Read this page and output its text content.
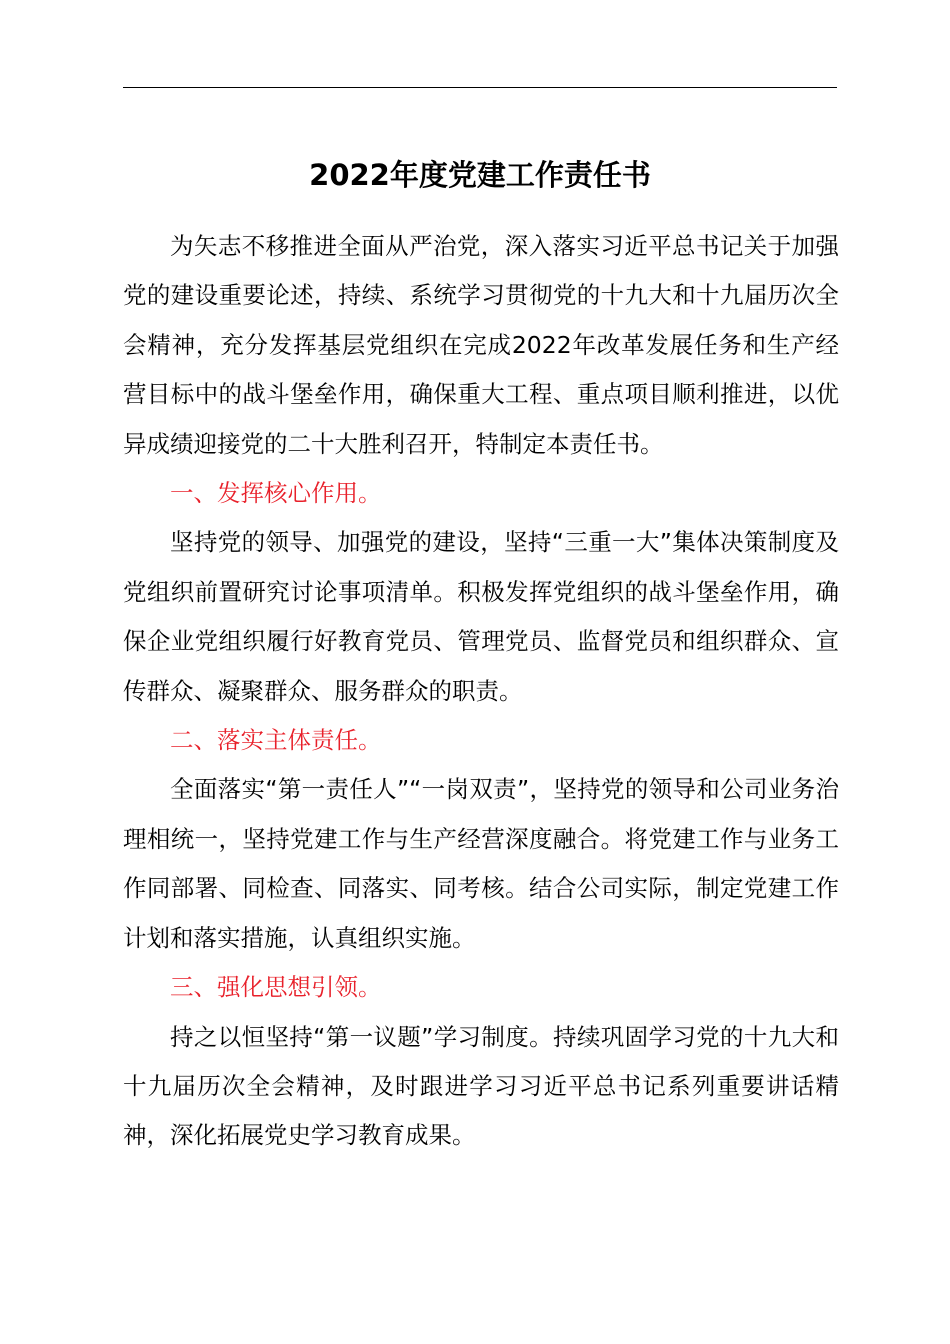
2022年度党建工作责任书

为矢志不移推进全面从严治党，深入落实习近平总书记关于加强党的建设重要论述，持续、系统学习贯彻党的十九大和十九届历次全会精神，充分发挥基层党组织在完成2022年改革发展任务和生产经营目标中的战斗堡垒作用，确保重大工程、重点项目顺利推进，以优异成绩迎接党的二十大胜利召开，特制定本责任书。

一、发挥核心作用。

坚持党的领导、加强党的建设，坚持“三重一大”集体决策制度及党组织前置研究讨论事项清单。积极发挥党组织的战斗堡垒作用，确保企业党组织履行好教育党员、管理党员、监督党员和组织群众、宣传群众、凝聚群众、服务群众的职责。

二、落实主体责任。

全面落实“第一责任人”“一岗双责”，坚持党的领导和公司业务治理相统一，坚持党建工作与生产经营深度融合。将党建工作与业务工作同部署、同检查、同落实、同考核。结合公司实际，制定党建工作计划和落实措施，认真组织实施。

三、强化思想引领。

持之以恒坚持“第一议题”学习制度。持续巩固学习党的十九大和十九届历次全会精神，及时跟进学习习近平总书记系列重要讲话精神，深化拓展党史学习教育成果。
